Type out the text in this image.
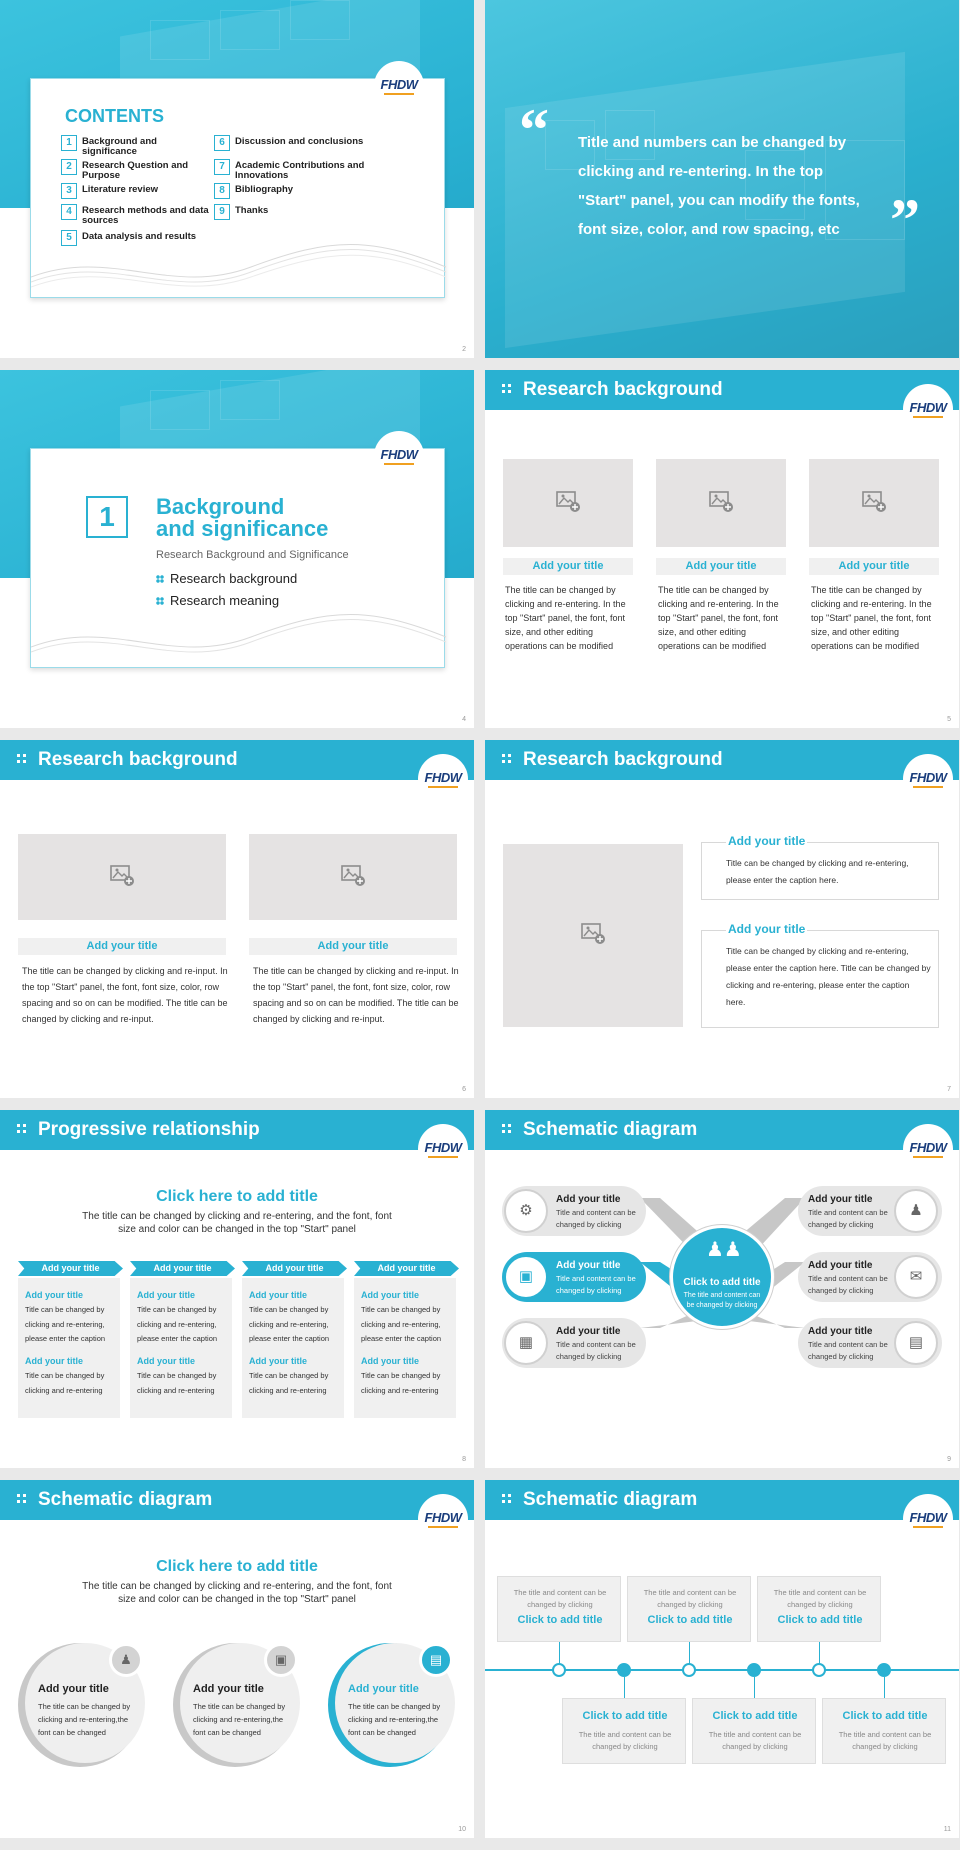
FHDW
CONTENTS
1	Background and significance
2	Research Question and Purpose
3	Literature review
4	Research methods and data sources
5	Data analysis and results
6	Discussion and conclusions
7	Academic Contributions and Innovations
8	Bibliography
9	Thanks
2
“ Title and numbers can be changed by clicking and re-entering. In the top "Start" panel, you can modify the fonts, font size, color, and row spacing, etc ”
FHDW
1	Background
and significance
Research Background and Significance
Research background
Research meaning
4
Research background
FHDW
Add your title
The title can be changed by clicking and re-entering. In the top "Start" panel, the font, font size, and other editing operations can be modified
Add your title
The title can be changed by clicking and re-entering. In the top "Start" panel, the font, font size, and other editing operations can be modified
Add your title
The title can be changed by clicking and re-entering. In the top "Start" panel, the font, font size, and other editing operations can be modified
5
Research background
FHDW
Add your title
The title can be changed by clicking and re-input. In the top "Start" panel, the font, font size, color, row spacing and so on can be modified. The title can be changed by clicking and re-input.
Add your title
The title can be changed by clicking and re-input. In the top "Start" panel, the font, font size, color, row spacing and so on can be modified. The title can be changed by clicking and re-input.
6
Research background
FHDW
Add your title
Title can be changed by clicking and re-entering, please enter the caption here.
Add your title
Title can be changed by clicking and re-entering, please enter the caption here. Title can be changed by clicking and re-entering, please enter the caption here.
7
Progressive relationship
FHDW
Click here to add title
The title can be changed by clicking and re-entering, and the font, font size and color can be changed in the top "Start" panel
Add your title
Add your title
Title can be changed by clicking and re-entering, please enter the caption
Add your title
Title can be changed by clicking and re-entering
Add your title
Add your title
Title can be changed by clicking and re-entering, please enter the caption
Add your title
Title can be changed by clicking and re-entering
Add your title
Add your title
Title can be changed by clicking and re-entering, please enter the caption
Add your title
Title can be changed by clicking and re-entering
Add your title
Add your title
Title can be changed by clicking and re-entering, please enter the caption
Add your title
Title can be changed by clicking and re-entering
8
Schematic diagram
FHDW
♟♟
Click to add title
The title and content can be changed by clicking
⚙
Add your title
Title and content can be changed by clicking
▣
Add your title
Title and content can be changed by clicking
▦
Add your title
Title and content can be changed by clicking
♟
Add your title
Title and content can be changed by clicking
✉
Add your title
Title and content can be changed by clicking
▤
Add your title
Title and content can be changed by clicking
9
Schematic diagram
FHDW
Click here to add title
The title can be changed by clicking and re-entering, and the font, font size and color can be changed in the top "Start" panel
♟
Add your title
The title can be changed by clicking and re-entering,the font can be changed
▣
Add your title
The title can be changed by clicking and re-entering,the font can be changed
▤
Add your title
The title can be changed by clicking and re-entering,the font can be changed
10
Schematic diagram
FHDW
The title and content can be changed by clicking
Click to add title
The title and content can be changed by clicking
Click to add title
The title and content can be changed by clicking
Click to add title
Click to add title
The title and content can be changed by clicking
Click to add title
The title and content can be changed by clicking
Click to add title
The title and content can be changed by clicking
11
